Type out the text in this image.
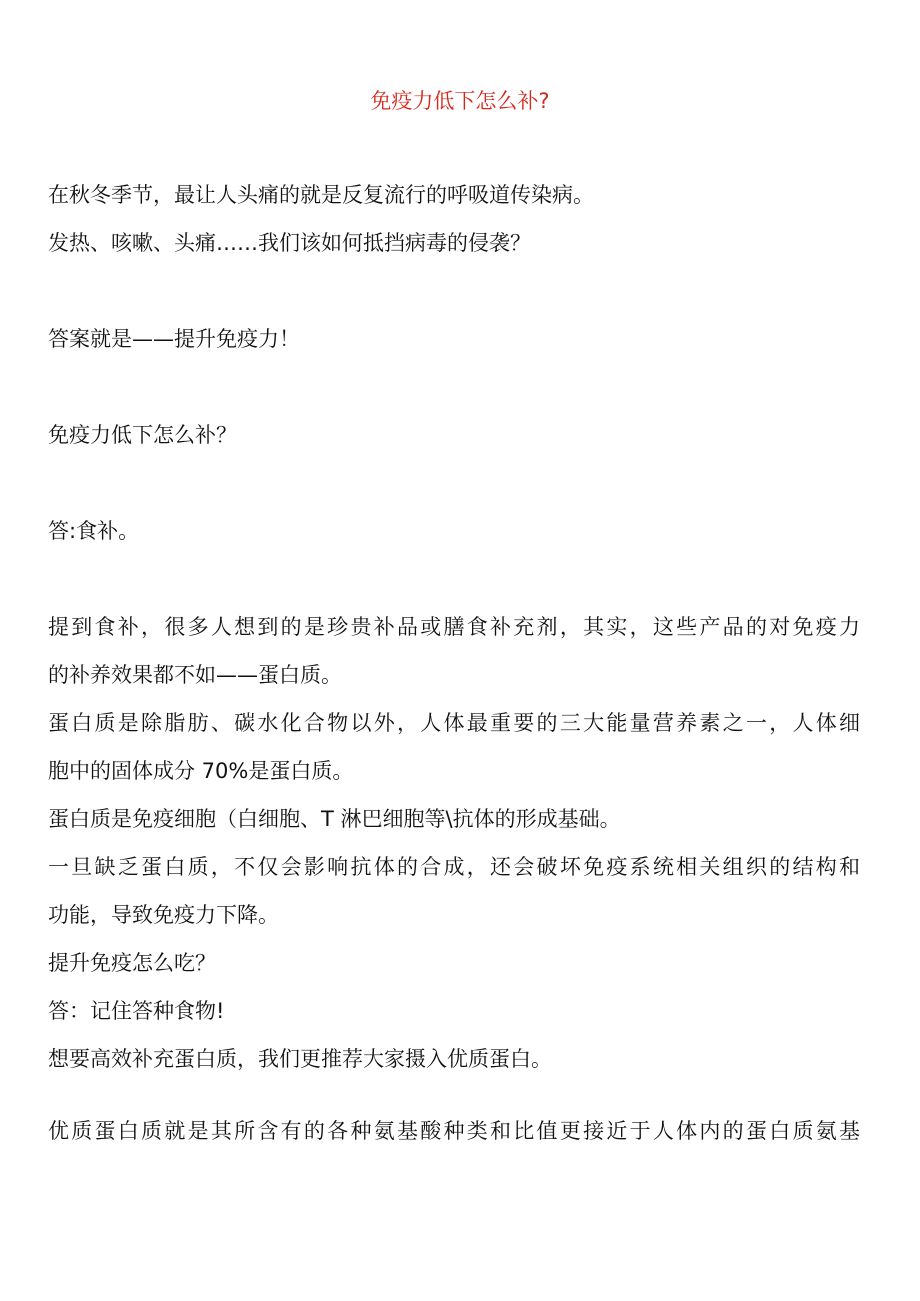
免疫力低下怎么补?
在秋冬季节，最让人头痛的就是反复流行的呼吸道传染病。
发热、咳嗽、头痛……我们该如何抵挡病毒的侵袭？
答案就是——提升免疫力！
免疫力低下怎么补？
答:食补。
提到食补，很多人想到的是珍贵补品或膳食补充剂，其实，这些产品的对免疫力
的补养效果都不如——蛋白质。
蛋白质是除脂肪、碳水化合物以外，人体最重要的三大能量营养素之一，人体细
胞中的固体成分 70%是蛋白质。
蛋白质是免疫细胞（白细胞、T 淋巴细胞等\抗体的形成基础。
一旦缺乏蛋白质，不仅会影响抗体的合成，还会破坏免疫系统相关组织的结构和
功能，导致免疫力下降。
提升免疫怎么吃？
答：记住答种食物!
想要高效补充蛋白质，我们更推荐大家摄入优质蛋白。
优质蛋白质就是其所含有的各种氨基酸种类和比值更接近于人体内的蛋白质氨基
